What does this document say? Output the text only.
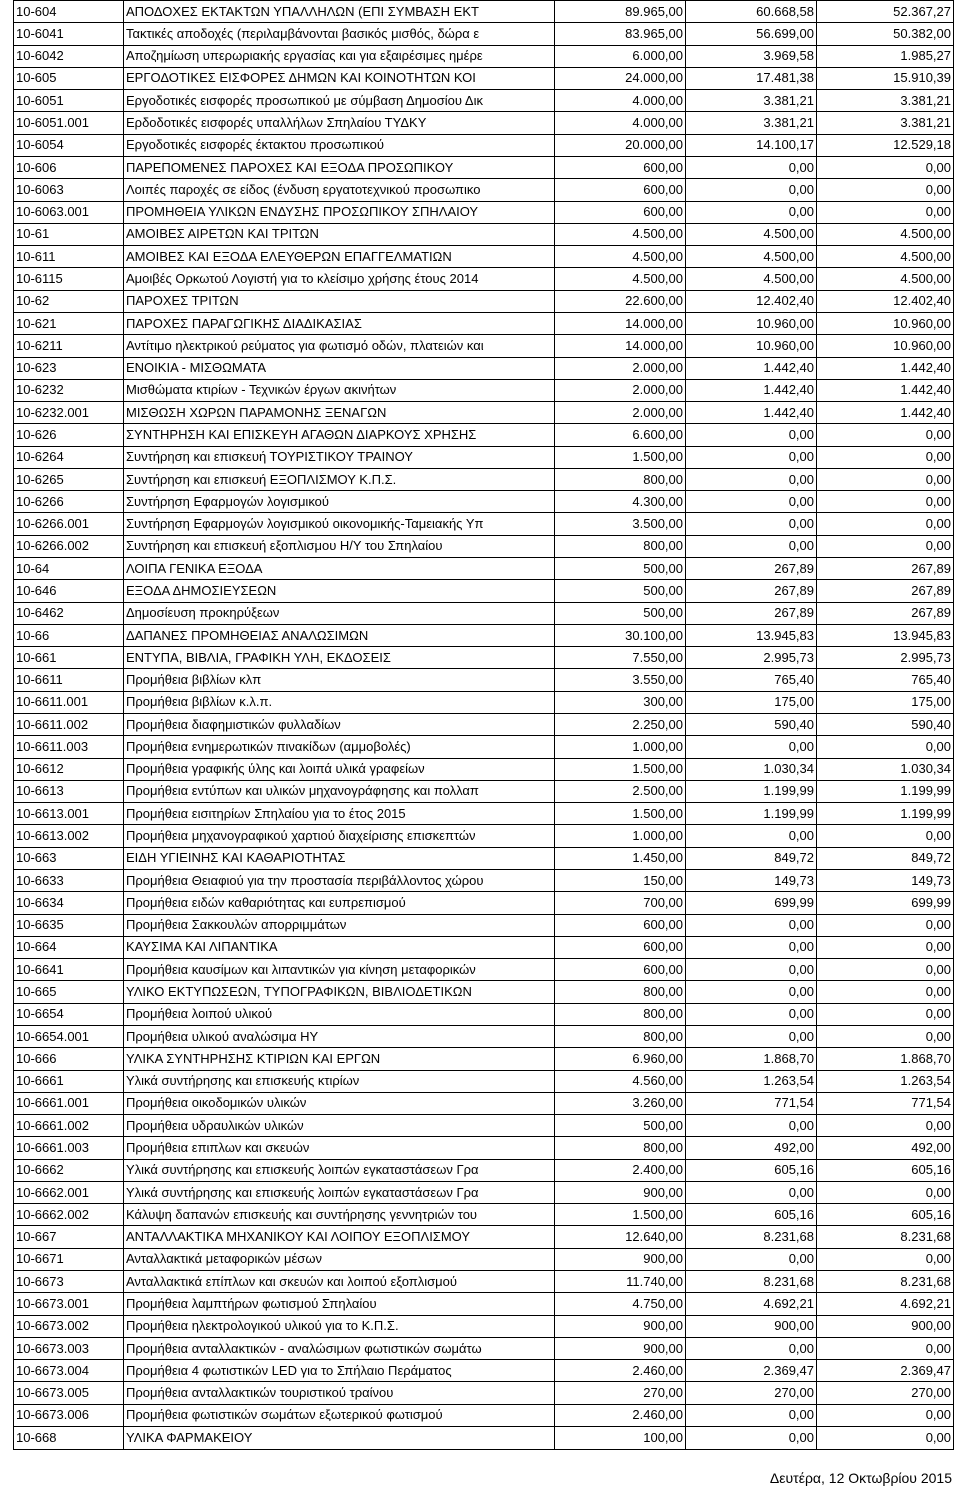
10-604	ΑΠΟΔΟΧΕΣ ΕΚΤΑΚΤΩΝ ΥΠΑΛΛΗΛΩΝ (ΕΠΙ ΣΥΜΒΑΣΗ ΕΚΤ	89.965,00	60.668,58	52.367,27
10-6041	Τακτικές αποδοχές (περιλαμβάνονται βασικός μισθός, δώρα ε	83.965,00	56.699,00	50.382,00
10-6042	Αποζημίωση υπερωριακής εργασίας και για εξαιρέσιμες ημέρε	6.000,00	3.969,58	1.985,27
10-605	ΕΡΓΟΔΟΤΙΚΕΣ ΕΙΣΦΟΡΕΣ ΔΗΜΩΝ ΚΑΙ ΚΟΙΝΟΤΗΤΩΝ ΚΟΙ	24.000,00	17.481,38	15.910,39
10-6051	Εργοδοτικές εισφορές προσωπικού με σύμβαση Δημοσίου Δικ	4.000,00	3.381,21	3.381,21
10-6051.001	Ερδοδοτικές εισφορές υπαλλήλων Σπηλαίου ΤΥΔΚΥ	4.000,00	3.381,21	3.381,21
10-6054	Εργοδοτικές εισφορές έκτακτου προσωπικού	20.000,00	14.100,17	12.529,18
10-606	ΠΑΡΕΠΟΜΕΝΕΣ ΠΑΡΟΧΕΣ ΚΑΙ ΕΞΟΔΑ ΠΡΟΣΩΠΙΚΟΥ	600,00	0,00	0,00
10-6063	Λοιπές παροχές σε είδος (ένδυση εργατοτεχνικού προσωπικο	600,00	0,00	0,00
10-6063.001	ΠΡΟΜΗΘΕΙΑ ΥΛΙΚΩΝ ΕΝΔΥΣΗΣ ΠΡΟΣΩΠΙΚΟΥ ΣΠΗΛΑΙΟΥ	600,00	0,00	0,00
10-61	ΑΜΟΙΒΕΣ ΑΙΡΕΤΩΝ ΚΑΙ ΤΡΙΤΩΝ	4.500,00	4.500,00	4.500,00
10-611	ΑΜΟΙΒΕΣ ΚΑΙ ΕΞΟΔΑ ΕΛΕΥΘΕΡΩΝ ΕΠΑΓΓΕΛΜΑΤΙΩΝ	4.500,00	4.500,00	4.500,00
10-6115	Αμοιβές Ορκωτού Λογιστή για το κλείσιμο χρήσης έτους 2014	4.500,00	4.500,00	4.500,00
10-62	ΠΑΡΟΧΕΣ ΤΡΙΤΩΝ	22.600,00	12.402,40	12.402,40
10-621	ΠΑΡΟΧΕΣ ΠΑΡΑΓΩΓΙΚΗΣ ΔΙΑΔΙΚΑΣΙΑΣ	14.000,00	10.960,00	10.960,00
10-6211	Αντίτιμο ηλεκτρικού ρεύματος για φωτισμό οδών, πλατειών και	14.000,00	10.960,00	10.960,00
10-623	ΕΝΟΙΚΙΑ - ΜΙΣΘΩΜΑΤΑ	2.000,00	1.442,40	1.442,40
10-6232	Μισθώματα κτιρίων - Τεχνικών έργων ακινήτων	2.000,00	1.442,40	1.442,40
10-6232.001	ΜΙΣΘΩΣΗ ΧΩΡΩΝ ΠΑΡΑΜΟΝΗΣ ΞΕΝΑΓΩΝ	2.000,00	1.442,40	1.442,40
10-626	ΣΥΝΤΗΡΗΣΗ ΚΑΙ ΕΠΙΣΚΕΥΗ ΑΓΑΘΩΝ ΔΙΑΡΚΟΥΣ ΧΡΗΣΗΣ	6.600,00	0,00	0,00
10-6264	Συντήρηση και επισκευή ΤΟΥΡΙΣΤΙΚΟΥ ΤΡΑΙΝΟΥ	1.500,00	0,00	0,00
10-6265	Συντήρηση και επισκευή ΕΞΟΠΛΙΣΜΟΥ Κ.Π.Σ.	800,00	0,00	0,00
10-6266	Συντήρηση Εφαρμογών λογισμικού	4.300,00	0,00	0,00
10-6266.001	Συντήρηση Εφαρμογών λογισμικού οικονομικής-Ταμειακής Υπ	3.500,00	0,00	0,00
10-6266.002	Συντήρηση και επισκευή εξοπλισμου Η/Υ του Σπηλαίου	800,00	0,00	0,00
10-64	ΛΟΙΠΑ ΓΕΝΙΚΑ ΕΞΟΔΑ	500,00	267,89	267,89
10-646	ΕΞΟΔΑ ΔΗΜΟΣΙΕΥΣΕΩΝ	500,00	267,89	267,89
10-6462	Δημοσίευση προκηρύξεων	500,00	267,89	267,89
10-66	ΔΑΠΑΝΕΣ ΠΡΟΜΗΘΕΙΑΣ ΑΝΑΛΩΣΙΜΩΝ	30.100,00	13.945,83	13.945,83
10-661	ΕΝΤΥΠΑ, ΒΙΒΛΙΑ, ΓΡΑΦΙΚΗ ΥΛΗ, ΕΚΔΟΣΕΙΣ	7.550,00	2.995,73	2.995,73
10-6611	Προμήθεια βιβλίων κλπ	3.550,00	765,40	765,40
10-6611.001	Προμήθεια βιβλίων κ.λ.π.	300,00	175,00	175,00
10-6611.002	Προμήθεια διαφημιστικών φυλλαδίων	2.250,00	590,40	590,40
10-6611.003	Προμήθεια ενημερωτικών πινακίδων (αμμοβολές)	1.000,00	0,00	0,00
10-6612	Προμήθεια γραφικής ύλης και λοιπά υλικά γραφείων	1.500,00	1.030,34	1.030,34
10-6613	Προμήθεια εντύπων και υλικών μηχανογράφησης και πολλαπ	2.500,00	1.199,99	1.199,99
10-6613.001	Προμήθεια εισιτηρίων Σπηλαίου για το έτος 2015	1.500,00	1.199,99	1.199,99
10-6613.002	Προμήθεια μηχανογραφικού χαρτιού διαχείρισης επισκεπτών	1.000,00	0,00	0,00
10-663	ΕΙΔΗ ΥΓΙΕΙΝΗΣ ΚΑΙ ΚΑΘΑΡΙΟΤΗΤΑΣ	1.450,00	849,72	849,72
10-6633	Προμήθεια Θειαφιού για την προστασία περιβάλλοντος χώρου	150,00	149,73	149,73
10-6634	Προμήθεια ειδών καθαριότητας και ευπρεπισμού	700,00	699,99	699,99
10-6635	Προμήθεια Σακκουλών απορριμμάτων	600,00	0,00	0,00
10-664	ΚΑΥΣΙΜΑ ΚΑΙ ΛΙΠΑΝΤΙΚΑ	600,00	0,00	0,00
10-6641	Προμήθεια καυσίμων και λιπαντικών για κίνηση μεταφορικών	600,00	0,00	0,00
10-665	ΥΛΙΚΟ ΕΚΤΥΠΩΣΕΩΝ, ΤΥΠΟΓΡΑΦΙΚΩΝ, ΒΙΒΛΙΟΔΕΤΙΚΩΝ	800,00	0,00	0,00
10-6654	Προμήθεια λοιπού υλικού	800,00	0,00	0,00
10-6654.001	Προμήθεια υλικού αναλώσιμα ΗΥ	800,00	0,00	0,00
10-666	ΥΛΙΚΑ ΣΥΝΤΗΡΗΣΗΣ ΚΤΙΡΙΩΝ ΚΑΙ ΕΡΓΩΝ	6.960,00	1.868,70	1.868,70
10-6661	Υλικά συντήρησης και επισκευής κτιρίων	4.560,00	1.263,54	1.263,54
10-6661.001	Προμήθεια οικοδομικών υλικών	3.260,00	771,54	771,54
10-6661.002	Προμήθεια υδραυλικών υλικών	500,00	0,00	0,00
10-6661.003	Προμήθεια επιπλων και σκευών	800,00	492,00	492,00
10-6662	Υλικά συντήρησης και επισκευής λοιπών εγκαταστάσεων Γρα	2.400,00	605,16	605,16
10-6662.001	Υλικά συντήρησης και επισκευής λοιπών εγκαταστάσεων Γρα	900,00	0,00	0,00
10-6662.002	Κάλυψη δαπανών επισκευής και συντήρησης γεννητριών του	1.500,00	605,16	605,16
10-667	ΑΝΤΑΛΛΑΚΤΙΚΑ ΜΗΧΑΝΙΚΟΥ ΚΑΙ ΛΟΙΠΟΥ ΕΞΟΠΛΙΣΜΟΥ	12.640,00	8.231,68	8.231,68
10-6671	Ανταλλακτικά μεταφορικών μέσων	900,00	0,00	0,00
10-6673	Ανταλλακτικά επίπλων και σκευών και λοιπού εξοπλισμού	11.740,00	8.231,68	8.231,68
10-6673.001	Προμήθεια λαμπτήρων φωτισμού Σπηλαίου	4.750,00	4.692,21	4.692,21
10-6673.002	Προμήθεια ηλεκτρολογικού υλικού για το Κ.Π.Σ.	900,00	900,00	900,00
10-6673.003	Προμήθεια ανταλλακτικών - αναλώσιμων φωτιστικών σωμάτω	900,00	0,00	0,00
10-6673.004	Προμήθεια 4 φωτιστικών LED για το Σπήλαιο Περάματος	2.460,00	2.369,47	2.369,47
10-6673.005	Προμήθεια ανταλλακτικών τουριστικού τραίνου	270,00	270,00	270,00
10-6673.006	Προμήθεια φωτιστικών σωμάτων εξωτερικού φωτισμού	2.460,00	0,00	0,00
10-668	ΥΛΙΚΑ ΦΑΡΜΑΚΕΙΟΥ	100,00	0,00	0,00
Δευτέρα, 12 Οκτωβρίου 2015
